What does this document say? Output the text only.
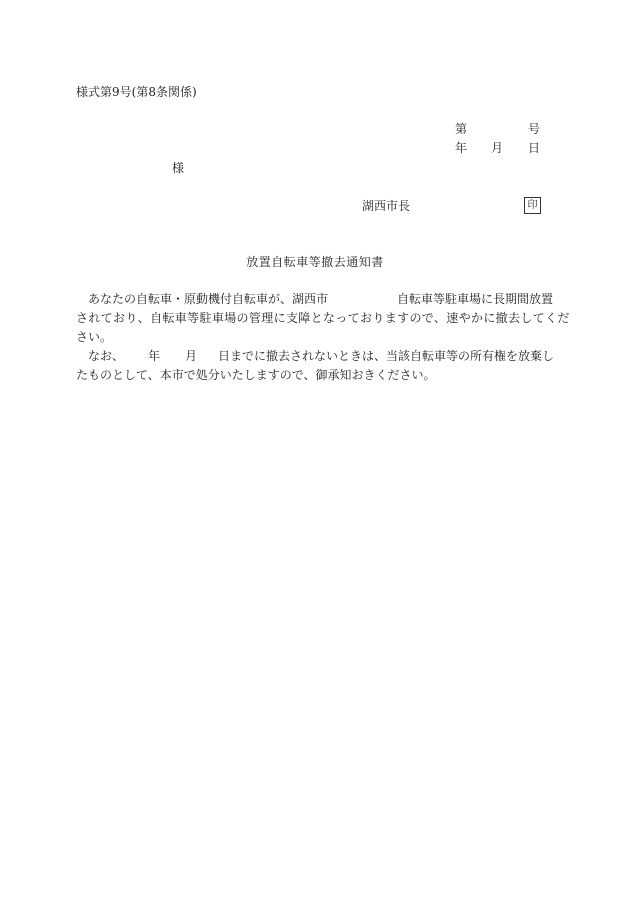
様式第9号(第8条関係)
第	号
年 月 日
様
湖西市長	印
放置自転車等撤去通知書
あなたの自転車・原動機付自転車が、湖西市	自転車等駐車場に長期間放置
されており、自転車等駐車場の管理に支障となっておりますので、速やかに撤去してくだ
さい。
なお、 年 月 日までに撤去されないときは、当該自転車等の所有権を放棄し
たものとして、本市で処分いたしますので、御承知おきください。
